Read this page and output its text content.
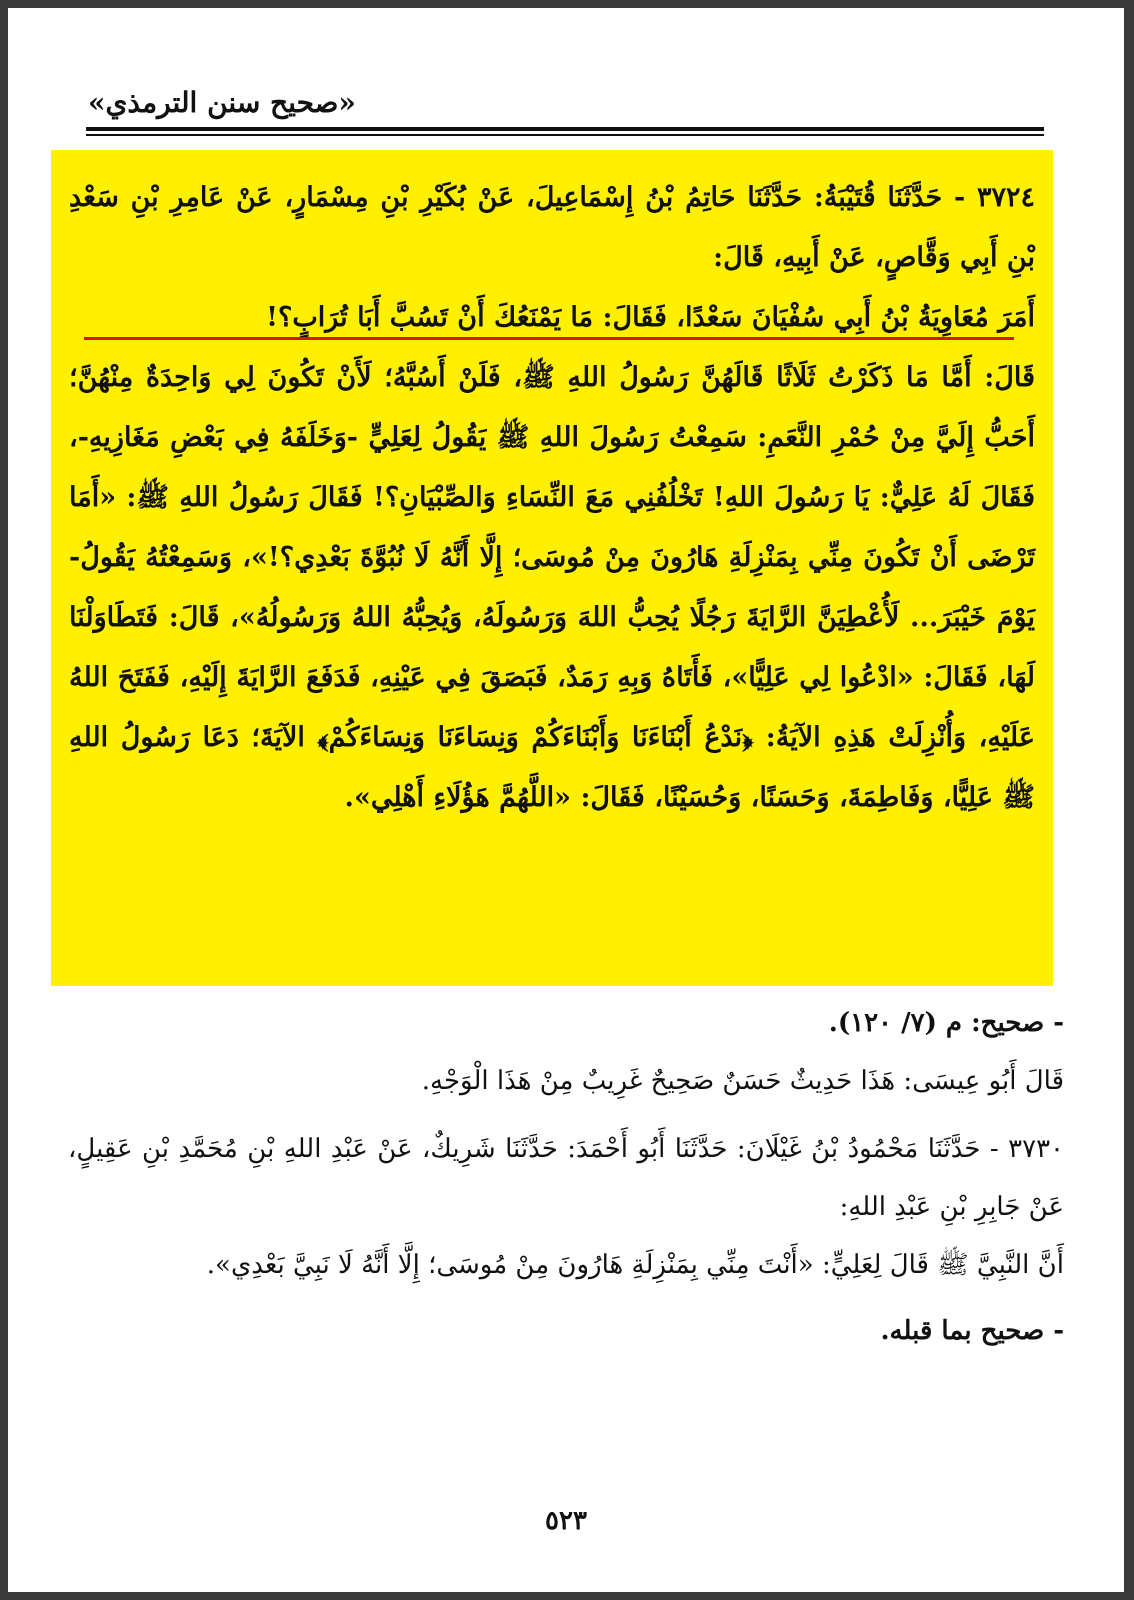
«صحيح سنن الترمذي»

٣٧٢٤ - حَدَّثَنَا قُتَيْبَةُ: حَدَّثَنَا حَاتِمُ بْنُ إِسْمَاعِيلَ، عَنْ بُكَيْرِ بْنِ مِسْمَارٍ، عَنْ عَامِرِ بْنِ سَعْدِ بْنِ أَبِي وَقَّاصٍ، عَنْ أَبِيهِ، قَالَ:

أَمَرَ مُعَاوِيَةُ بْنُ أَبِي سُفْيَانَ سَعْدًا، فَقَالَ: مَا يَمْنَعُكَ أَنْ تَسُبَّ أَبَا تُرَابٍ؟!

قَالَ: أَمَّا مَا ذَكَرْتُ ثَلَاثًا قَالَهُنَّ رَسُولُ اللهِ ﷺ، فَلَنْ أَسُبَّهُ؛ لَأَنْ تَكُونَ لِي وَاحِدَةٌ مِنْهُنَّ؛ أَحَبُّ إِلَيَّ مِنْ حُمْرِ النَّعَمِ: سَمِعْتُ رَسُولَ اللهِ ﷺ يَقُولُ لِعَلِيٍّ -وَخَلَفَهُ فِي بَعْضِ مَغَازِيهِ-، فَقَالَ لَهُ عَلِيٌّ: يَا رَسُولَ اللهِ! تَخْلُفُنِي مَعَ النِّسَاءِ وَالصِّبْيَانِ؟! فَقَالَ رَسُولُ اللهِ ﷺ: «أَمَا تَرْضَى أَنْ تَكُونَ مِنِّي بِمَنْزِلَةِ هَارُونَ مِنْ مُوسَى؛ إِلَّا أَنَّهُ لَا نُبُوَّةَ بَعْدِي؟!»، وَسَمِعْتُهُ يَقُولُ- يَوْمَ خَيْبَرَ... لَأُعْطِيَنَّ الرَّايَةَ رَجُلًا يُحِبُّ اللهَ وَرَسُولَهُ، وَيُحِبُّهُ اللهُ وَرَسُولُهُ»، قَالَ: فَتَطَاوَلْنَا لَهَا، فَقَالَ: «ادْعُوا لِي عَلِيًّا»، فَأَتَاهُ وَبِهِ رَمَدٌ، فَبَصَقَ فِي عَيْنِهِ، فَدَفَعَ الرَّايَةَ إِلَيْهِ، فَفَتَحَ اللهُ عَلَيْهِ، وَأُنْزِلَتْ هَذِهِ الآيَةُ: ﴿نَدْعُ أَبْنَاءَنَا وَأَبْنَاءَكُمْ وَنِسَاءَنَا وَنِسَاءَكُمْ﴾ الآيَةَ؛ دَعَا رَسُولُ اللهِ ﷺ عَلِيًّا، وَفَاطِمَةَ، وَحَسَنًا، وَحُسَيْنًا، فَقَالَ: «اللَّهُمَّ هَؤُلَاءِ أَهْلِي».

- صحيح: م (٧/ ١٢٠).

قَالَ أَبُو عِيسَى: هَذَا حَدِيثٌ حَسَنٌ صَحِيحٌ غَرِيبٌ مِنْ هَذَا الْوَجْهِ.

٣٧٣٠ - حَدَّثَنَا مَحْمُودُ بْنُ غَيْلَانَ: حَدَّثَنَا أَبُو أَحْمَدَ: حَدَّثَنَا شَرِيكٌ، عَنْ عَبْدِ اللهِ بْنِ مُحَمَّدِ بْنِ عَقِيلٍ، عَنْ جَابِرِ بْنِ عَبْدِ اللهِ:

أَنَّ النَّبِيَّ ﷺ قَالَ لِعَلِيٍّ: «أَنْتَ مِنِّي بِمَنْزِلَةِ هَارُونَ مِنْ مُوسَى؛ إِلَّا أَنَّهُ لَا نَبِيَّ بَعْدِي».

- صحيح بما قبله.

٥٢٣
